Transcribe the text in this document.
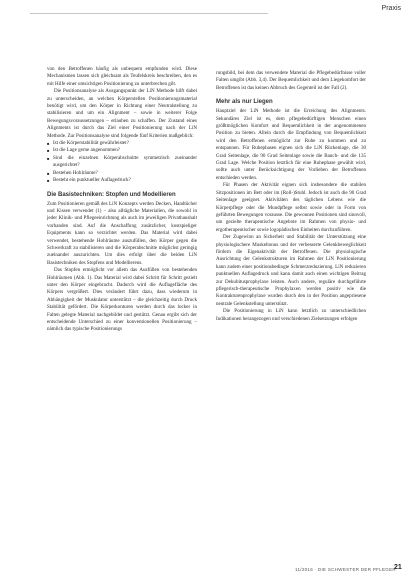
Praxis

von den Betroffenen häufig als unbequem empfunden wird. Diese Mechanismen lassen sich gleichsam als Teufelskreis beschreiben, den es mit Hilfe einer umsichtigen Positionierung zu unterbrechen gilt.

Die Positionsanalyse als Ausgangspunkt der LiN Methode hilft dabei zu unterscheiden, an welchen Körperstellen Positionierungsmaterial benötigt wird, um den Körper in Richtung einer Neutralstellung zu stabilisieren und um ein Alignment – sowie in weiterer Folge Bewegungsvoraussetzungen – erlauben zu schaffen. Der Zustand eines Alignments ist durch das Ziel einer Positionierung nach der LiN Methode. Zur Positionsanalyse sind folgende fünf Kriterien maßgeblich:

■ Ist die Körperstabilität gewährleistet?
■ Ist die Lage gerne angenommen?
■ Sind die einzelnen Körperabschnitte symmetrisch zueinander ausgerichtet?
■ Bestehen Hohlräume?
■ Besteht ein punktueller Auflagedruck?
Die Basistechniken: Stopfen und Modellieren

Zum Positionieren gemäß des LiN Konzepts werden Decken, Handtücher und Kissen verwendet (1) – also alltägliche Materialien, die sowohl in jeder Klinik- und Pflegeeinrichtung als auch im jeweiligen Privathaushalt vorhanden sind. Auf die Anschaffung zusätzlicher, kostspieliger Equipments kann so verzichtet werden. Das Material wird dabei verwendet, bestehende Hohlräume auszufüllen, den Körper gegen die Schwerkraft zu stabilisieren und die Körperabschnitte möglichst geringig zueinander auszurichten. Um dies erfolgt über die beiden LiN Basistechniken des Stopfens und Modellierens.

Das Stopfen ermöglicht vor allem das Ausfüllen von bestehenden Hohlräumen (Abb. 1). Das Material wird dabei Schritt für Schritt gezielt unter den Körper eingebracht. Dadurch wird die Auflagefläche des Körpers vergrößert. Dies verändert führt dazu, dass wiederum in Abhängigkeit der Muskulatur unterstützt – die gleichzeitig durch Druck Stabilität gefördert. Die Körperkonturen werden durch das locker in Falten gelegte Material nachgebildet und gestützt. Genau ergibt sich der entscheidende Unterschied zu einer konventionellen Positionierung – nämlich das typische Positionierungs

rungsbild, bei dem das verwendete Material die Pflegebedürfnisse voller Falten umgibt (Abb. 3,4). Der Bequemlichkeit und dem Liegekomfort der Betroffenen ist das keinen Abbruch des Gegenteil ist der Fall (2).

Mehr als nur Liegen

Hauptziel der LiN Methode ist die Erreichung des Alignments. Sekundäres Ziel ist es, dem pflegebedürftigen Menschen einen größtmöglichen Komfort und Bequemlichkeit in der angenommenen Position zu bieten. Allein durch die Empfindung von Bequemlichkeit wird den Betroffenen ermöglicht zur Ruhe zu kommen und zu entspannen. Für Ruhephasen eignen sich die LiN Rückenlage, die 30 Grad Seitenlage, die 90 Grad Seitenlage sowie die Bauch- und die 135 Grad Lage. Welche Position letztlich für eine Ruhephase gewählt wird, sollte auch unter Berücksichtigung der Vorlieben der Betroffenen entschieden werden.

Für Phasen der Aktivität eignen sich insbesondere die stabilen Sitzpositionen im Bett oder im (Roll-)Stuhl. Jedoch ist auch die 90 Grad Seitenlage geeignet. Aktivitäten des täglichen Lebens wie die Körperpflege oder die Mundpflege selbst sowie oder in Form von geführten Bewegungen vorausse. Die gewonnen Positionen sind sinnvoll, um gezielte therapeutische Angebote im Rahmen von physio- und ergotherapeutischer sowie logopädischen Einheiten durchzuführen.

Der Zugewinn an Sicherheit und Stabilität der Unterstützung eine physiologischere Muskeltonus und der verbesserte Gelenkbeweglichkeit fördern die Eigenaktivität der Betroffenen. Die physiologische Ausrichtung der Gelenkstrukturen im Rahmen der LiN Positionierung kann zudem einer positionsbedingte Schmerzreduzierung. LiN reduzieren punktuellen Auflagedruck und kann damit auch einen wichtigen Beitrag zur Dekubitusprophylaxe leisten. Auch andere, reguläre durchgeführte pflegerisch-therapeutische Prophylaxen werden positiv wie die Kontrakturenprophylaxe wurden durch den in der Position angepriesene neutrale Gelenkstellung unterstützt.

Die Positionierung in LiN kann letztlich zu unterschiedlichen Indikationen herangezogen und verschiedenen Zielsetzungen erfolgen

11/2016 · DIE SCHWESTER DER PFLEGER
21
